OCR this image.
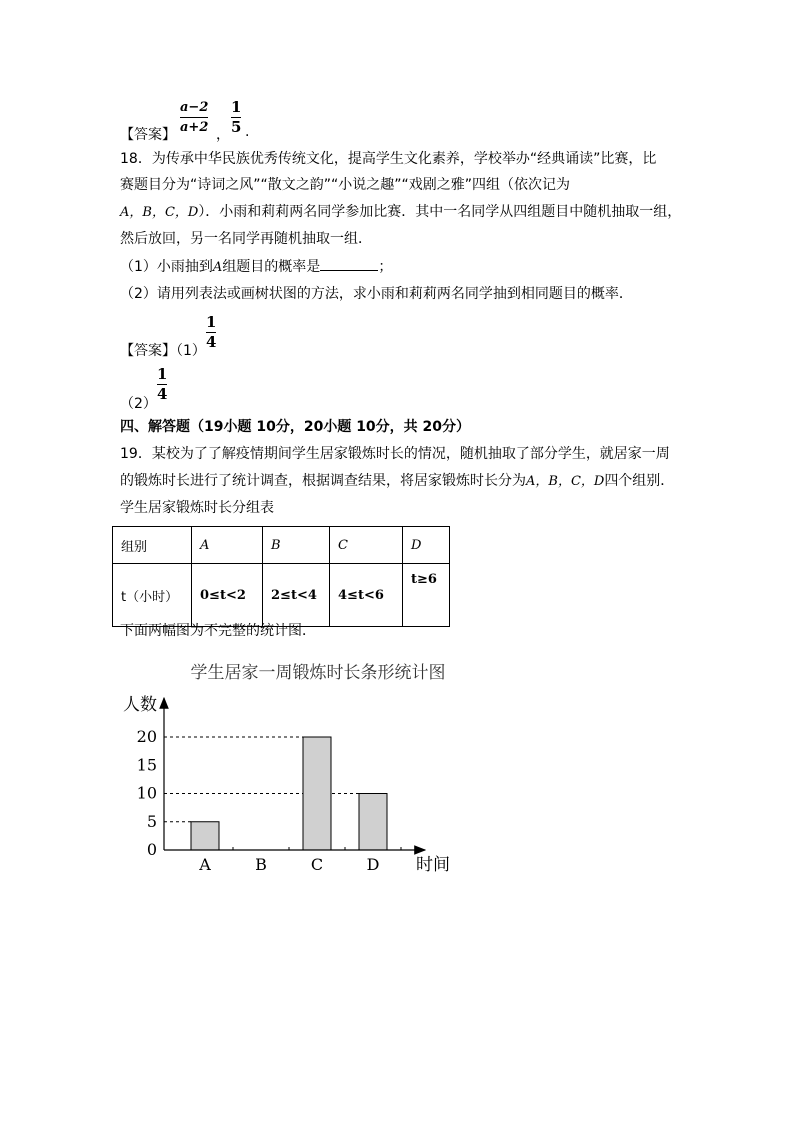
【答案】
a−2
a+2 ，
1
5 .
18．为传承中华民族优秀传统文化，提高学生文化素养，学校举办“经典诵读”比赛，比
赛题目分为“诗词之风”“散文之韵”“小说之趣”“戏剧之雅”四组（依次记为
A，B，C，D）．小雨和莉莉两名同学参加比赛．其中一名同学从四组题目中随机抽取一组，
然后放回，另一名同学再随机抽取一组．
（1）小雨抽到A组题目的概率是	；
（2）请用列表法或画树状图的方法，求小雨和莉莉两名同学抽到相同题目的概率．
【答案】（1）
1
4
（2）
1
4
四、解答题（19小题 10分，20小题 10分，共 20分）
19．某校为了了解疫情期间学生居家锻炼时长的情况，随机抽取了部分学生，就居家一周
的锻炼时长进行了统计调查，根据调查结果，将居家锻炼时长分为A，B，C，D四个组别．
学生居家锻炼时长分组表
组别	A	B	C	D
t（小时）	0≤t<2	2≤t<4	4≤t<6	t≥6
下面两幅图为不完整的统计图．
学生居家一周锻炼时长条形统计图
人数
时间
A	B	C	D
0
5
10
15
20
